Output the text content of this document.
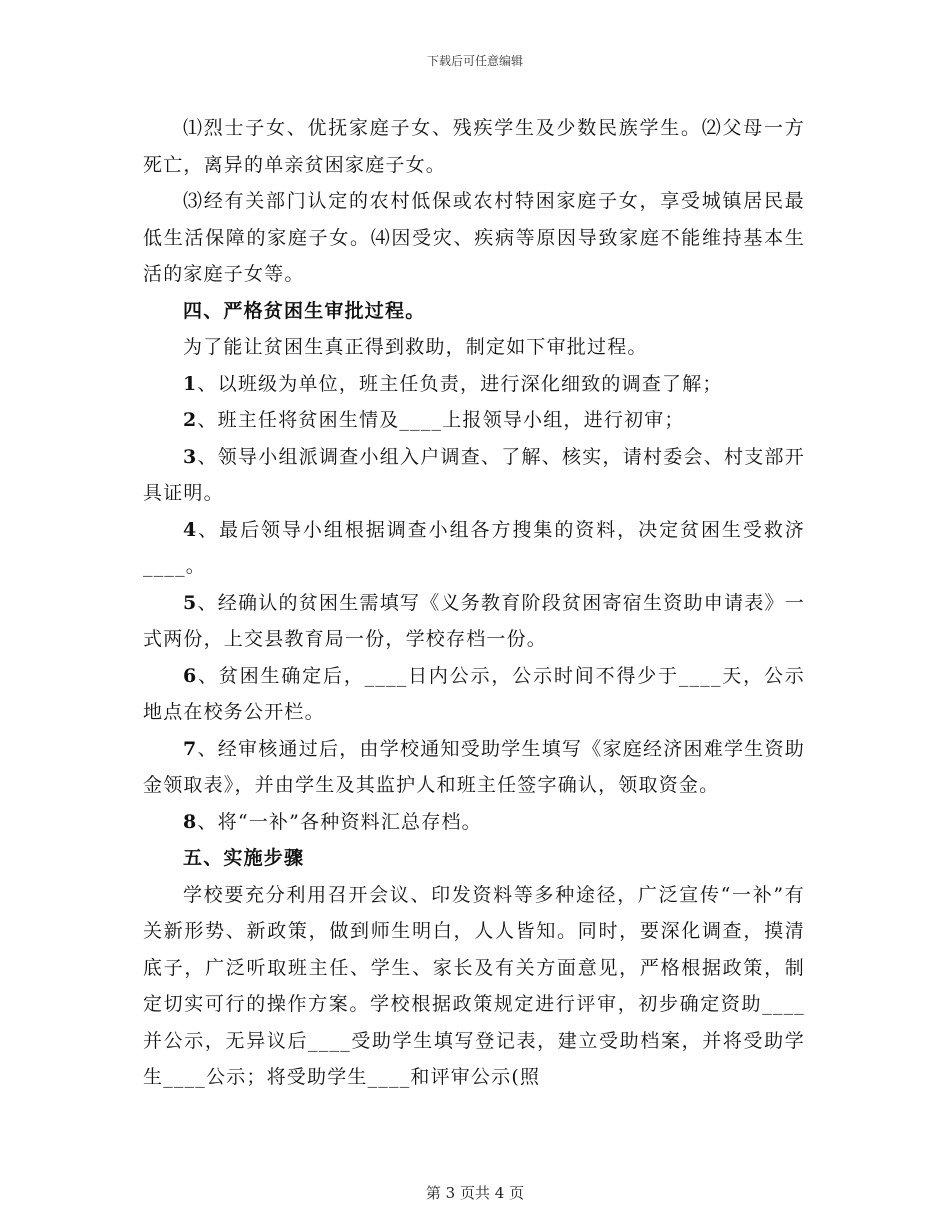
下载后可任意编辑

⑴烈士子女、优抚家庭子女、残疾学生及少数民族学生。⑵父母一方死亡，离异的单亲贫困家庭子女。

⑶经有关部门认定的农村低保或农村特困家庭子女，享受城镇居民最低生活保障的家庭子女。⑷因受灾、疾病等原因导致家庭不能维持基本生活的家庭子女等。

四、严格贫困生审批过程。

为了能让贫困生真正得到救助，制定如下审批过程。

1、以班级为单位，班主任负责，进行深化细致的调查了解；

2、班主任将贫困生情及____上报领导小组，进行初审；

3、领导小组派调查小组入户调查、了解、核实，请村委会、村支部开具证明。

4、最后领导小组根据调查小组各方搜集的资料，决定贫困生受救济____。

5、经确认的贫困生需填写《义务教育阶段贫困寄宿生资助申请表》一式两份，上交县教育局一份，学校存档一份。

6、贫困生确定后，____日内公示，公示时间不得少于____天，公示地点在校务公开栏。

7、经审核通过后，由学校通知受助学生填写《家庭经济困难学生资助金领取表》，并由学生及其监护人和班主任签字确认，领取资金。

8、将“一补”各种资料汇总存档。

五、实施步骤

学校要充分利用召开会议、印发资料等多种途径，广泛宣传“一补”有关新形势、新政策，做到师生明白，人人皆知。同时，要深化调查，摸清底子，广泛听取班主任、学生、家长及有关方面意见，严格根据政策，制定切实可行的操作方案。学校根据政策规定进行评审，初步确定资助____并公示，无异议后____受助学生填写登记表，建立受助档案，并将受助学生____公示；将受助学生____和评审公示(照

第 3 页共 4 页
